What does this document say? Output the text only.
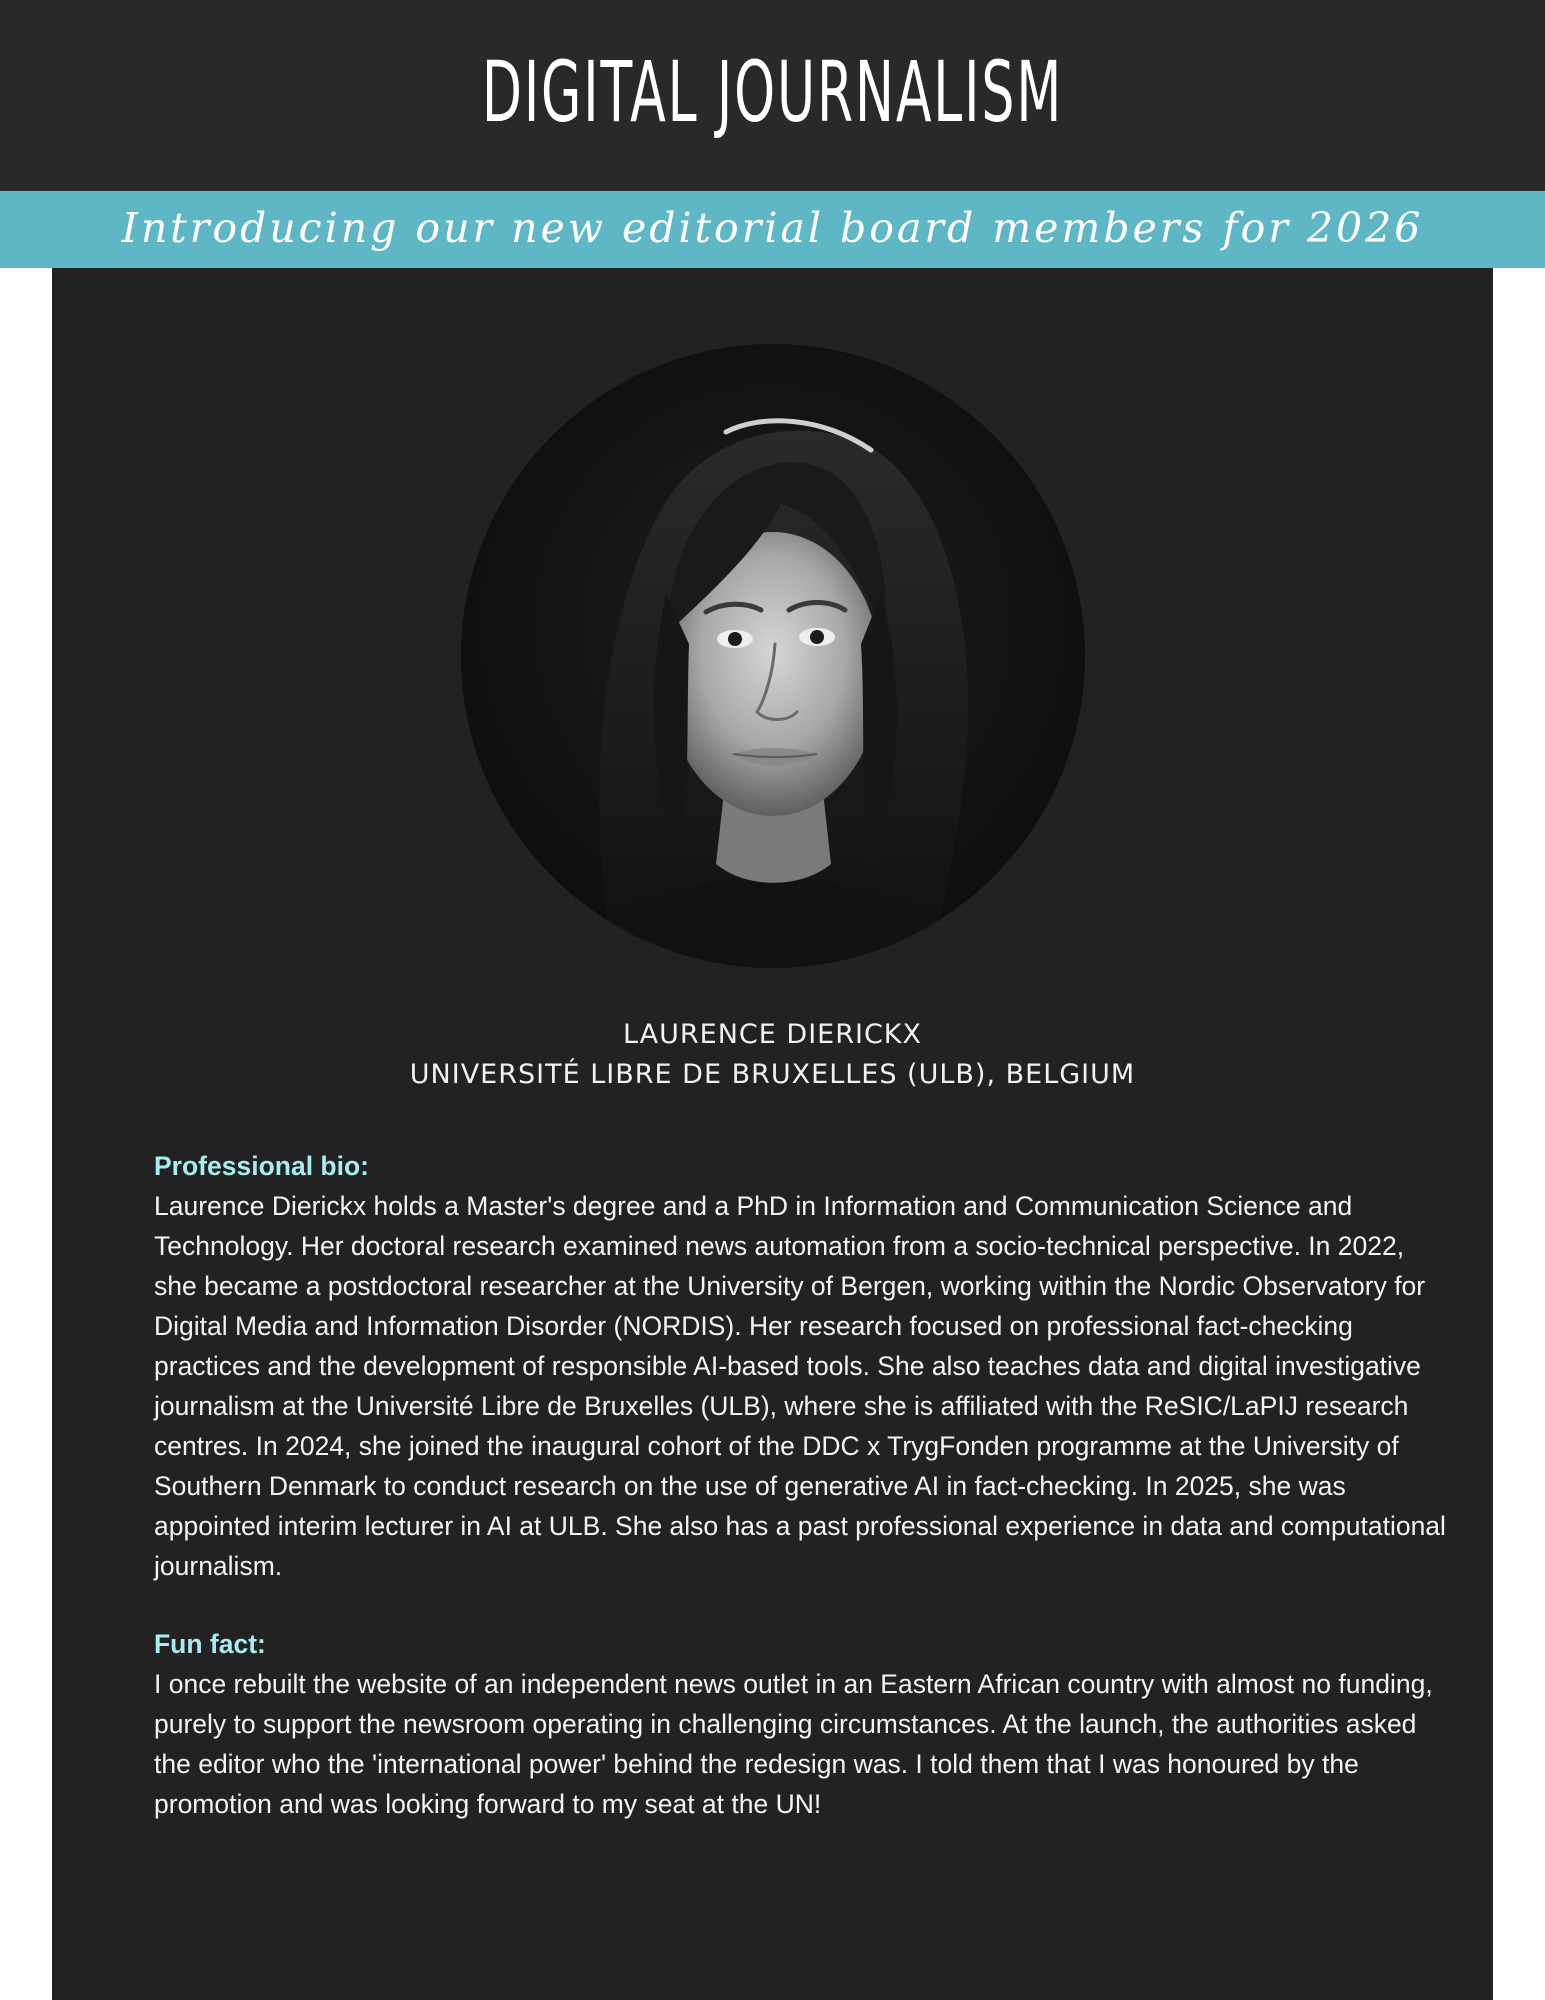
DIGITAL JOURNALISM
Introducing our new editorial board members for 2026
LAURENCE DIERICKX
UNIVERSITÉ LIBRE DE BRUXELLES (ULB), BELGIUM
Professional bio:

Laurence Dierickx holds a Master's degree and a PhD in Information and Communication Science and Technology. Her doctoral research examined news automation from a socio-technical perspective. In 2022, she became a postdoctoral researcher at the University of Bergen, working within the Nordic Observatory for Digital Media and Information Disorder (NORDIS). Her research focused on professional fact-checking practices and the development of responsible AI-based tools. She also teaches data and digital investigative journalism at the Université Libre de Bruxelles (ULB), where she is affiliated with the ReSIC/LaPIJ research centres. In 2024, she joined the inaugural cohort of the DDC x TrygFonden programme at the University of Southern Denmark to conduct research on the use of generative AI in fact-checking. In 2025, she was appointed interim lecturer in AI at ULB. She also has a past professional experience in data and computational journalism.

Fun fact:

I once rebuilt the website of an independent news outlet in an Eastern African country with almost no funding, purely to support the newsroom operating in challenging circumstances. At the launch, the authorities asked the editor who the 'international power' behind the redesign was. I told them that I was honoured by the promotion and was looking forward to my seat at the UN!
